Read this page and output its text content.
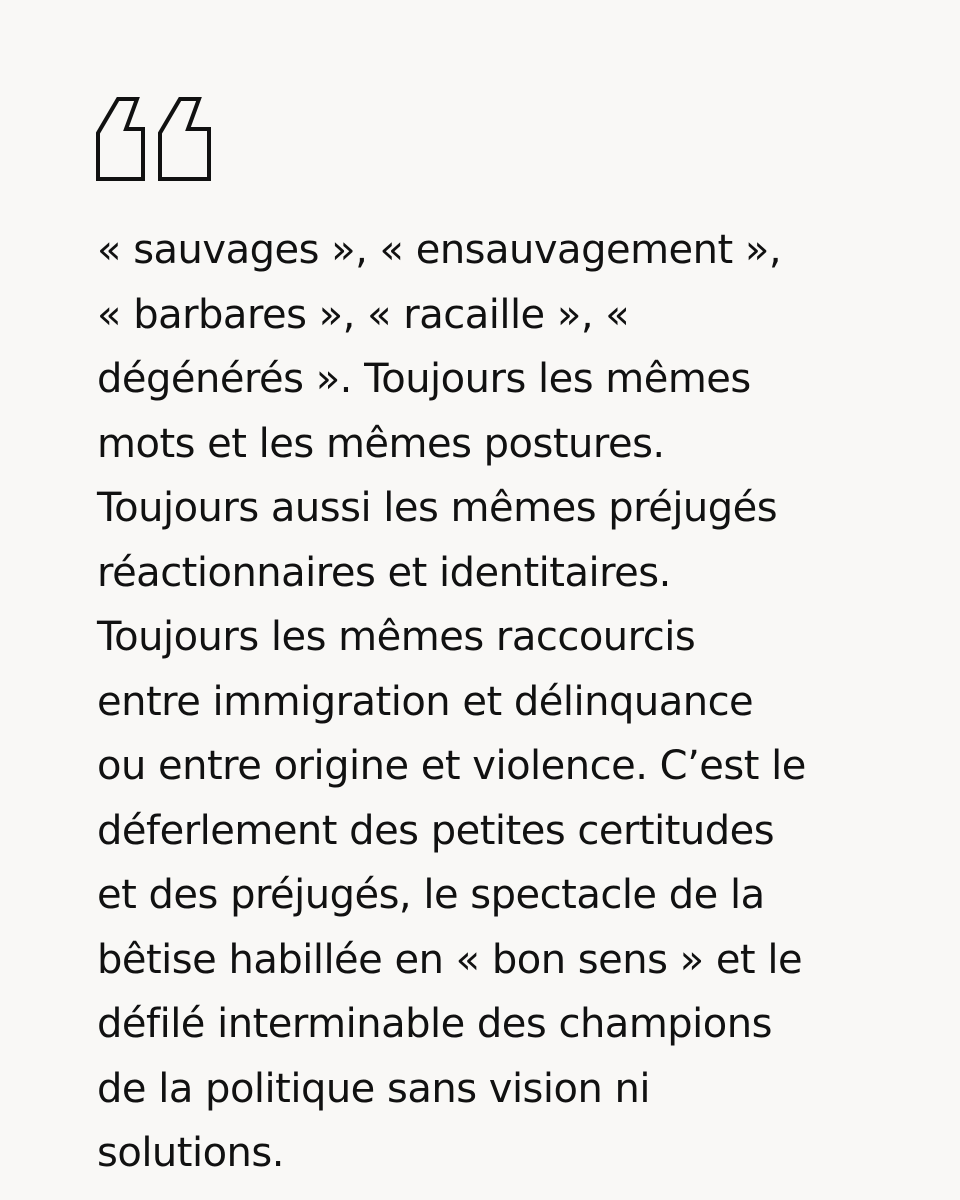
« sauvages », « ensauvagement »,
« barbares », « racaille », «
dégénérés ». Toujours les mêmes
mots et les mêmes postures.
Toujours aussi les mêmes préjugés
réactionnaires et identitaires.
Toujours les mêmes raccourcis
entre immigration et délinquance
ou entre origine et violence. C’est le
déferlement des petites certitudes
et des préjugés, le spectacle de la
bêtise habillée en « bon sens » et le
défilé interminable des champions
de la politique sans vision ni
solutions.
